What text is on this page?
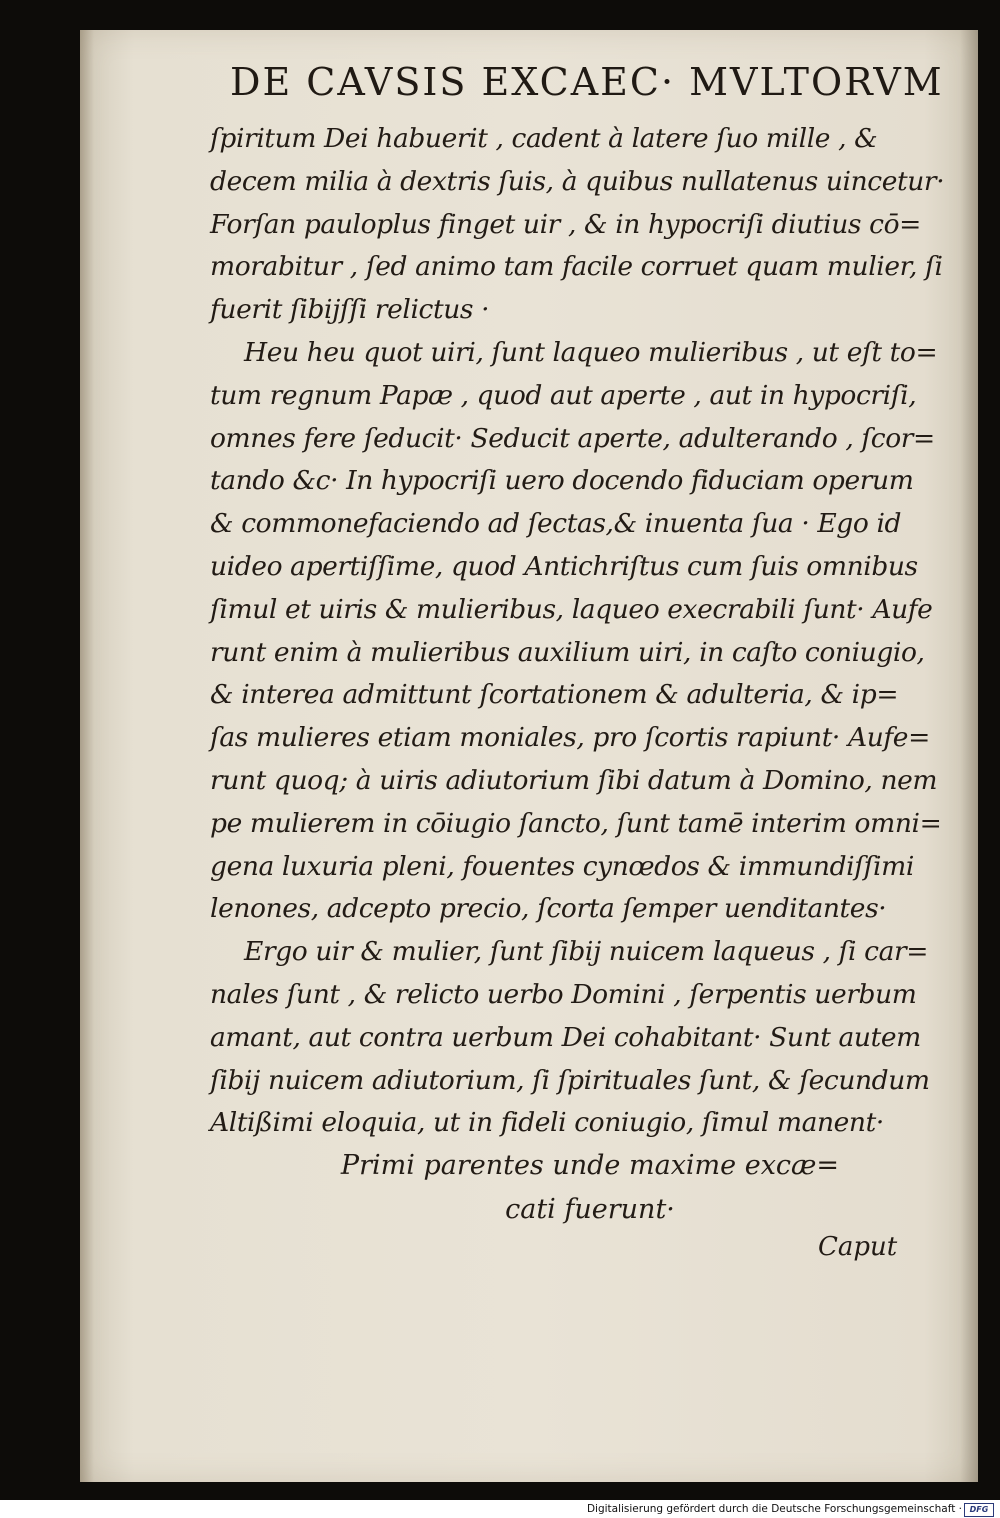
DE CAVSIS EXCAEC· MVLTORVM
ſpiritum Dei habuerit , cadent à latere ſuo mille , &
decem milia à dextris ſuis, à quibus nullatenus uincetur·
Forſan pauloplus finget uir , & in hypocriſi diutius cō=
morabitur , ſed animo tam facile corruet quam mulier, ſi
fuerit ſibijſſi relictus ·
Heu heu quot uiri, ſunt laqueo mulieribus , ut eſt to=
tum regnum Papæ , quod aut aperte , aut in hypocriſi,
omnes fere ſeducit· Seducit aperte, adulterando , ſcor=
tando &c· In hypocriſi uero docendo fiduciam operum
& commonefaciendo ad ſectas,& inuenta ſua · Ego id
uideo apertiſſime, quod Antichriſtus cum ſuis omnibus
ſimul et uiris & mulieribus, laqueo execrabili ſunt· Aufe
runt enim à mulieribus auxilium uiri, in caſto coniugio,
& interea admittunt ſcortationem & adulteria, & ip=
ſas mulieres etiam moniales, pro ſcortis rapiunt· Aufe=
runt quoq; à uiris adiutorium ſibi datum à Domino, nem
pe mulierem in cōiugio ſancto, ſunt tamē interim omni=
gena luxuria pleni, fouentes cynœdos & immundiſſimi
lenones, adcepto precio, ſcorta ſemper uenditantes·
Ergo uir & mulier, ſunt ſibij nuicem laqueus , ſi car=
nales ſunt , & relicto uerbo Domini , ſerpentis uerbum
amant, aut contra uerbum Dei cohabitant· Sunt autem
ſibij nuicem adiutorium, ſi ſpirituales ſunt, & ſecundum
Altißimi eloquia, ut in fideli coniugio, ſimul manent·
Primi parentes unde maxime excæ=
cati fuerunt·
Caput
Digitalisierung gefördert durch die Deutsche Forschungsgemeinschaft · DFG
